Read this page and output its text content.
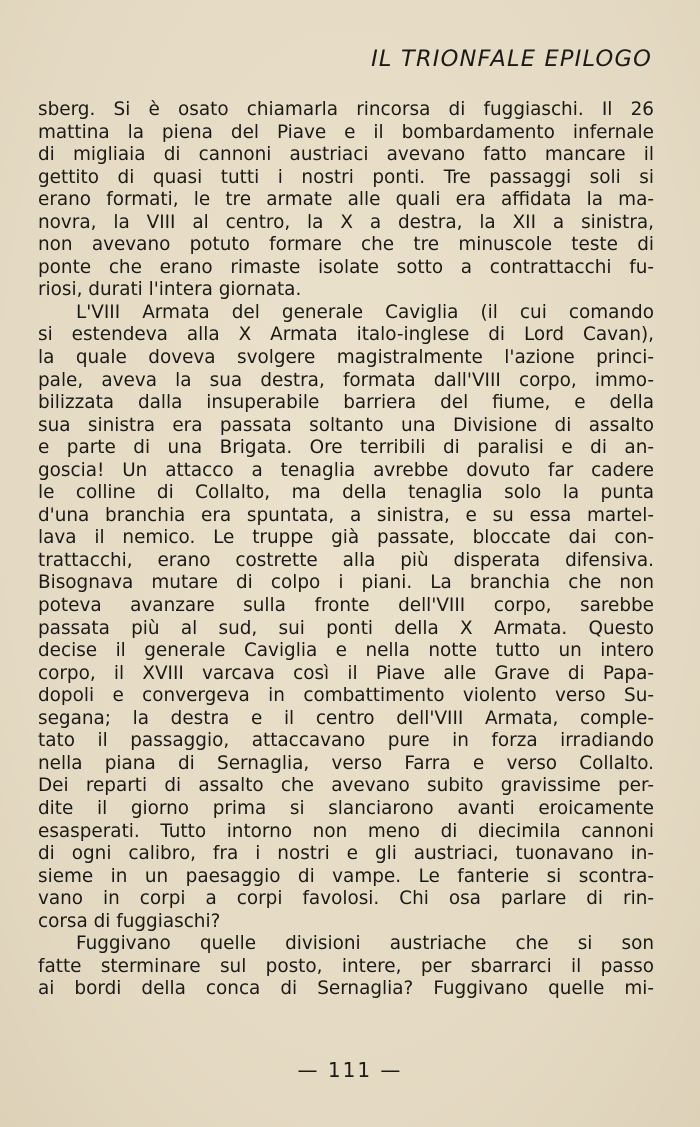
IL TRIONFALE EPILOGO
sberg. Si è osato chiamarla rincorsa di fuggiaschi. Il 26
mattina la piena del Piave e il bombardamento infernale
di migliaia di cannoni austriaci avevano fatto mancare il
gettito di quasi tutti i nostri ponti. Tre passaggi soli si
erano formati, le tre armate alle quali era affidata la ma-
novra, la VIII al centro, la X a destra, la XII a sinistra,
non avevano potuto formare che tre minuscole teste di
ponte che erano rimaste isolate sotto a contrattacchi fu-
riosi, durati l'intera giornata.
L'VIII Armata del generale Caviglia (il cui comando
si estendeva alla X Armata italo-inglese di Lord Cavan),
la quale doveva svolgere magistralmente l'azione princi-
pale, aveva la sua destra, formata dall'VIII corpo, immo-
bilizzata dalla insuperabile barriera del fiume, e della
sua sinistra era passata soltanto una Divisione di assalto
e parte di una Brigata. Ore terribili di paralisi e di an-
goscia! Un attacco a tenaglia avrebbe dovuto far cadere
le colline di Collalto, ma della tenaglia solo la punta
d'una branchia era spuntata, a sinistra, e su essa martel-
lava il nemico. Le truppe già passate, bloccate dai con-
trattacchi, erano costrette alla più disperata difensiva.
Bisognava mutare di colpo i piani. La branchia che non
poteva avanzare sulla fronte dell'VIII corpo, sarebbe
passata più al sud, sui ponti della X Armata. Questo
decise il generale Caviglia e nella notte tutto un intero
corpo, il XVIII varcava così il Piave alle Grave di Papa-
dopoli e convergeva in combattimento violento verso Su-
segana; la destra e il centro dell'VIII Armata, comple-
tato il passaggio, attaccavano pure in forza irradiando
nella piana di Sernaglia, verso Farra e verso Collalto.
Dei reparti di assalto che avevano subito gravissime per-
dite il giorno prima si slanciarono avanti eroicamente
esasperati. Tutto intorno non meno di diecimila cannoni
di ogni calibro, fra i nostri e gli austriaci, tuonavano in-
sieme in un paesaggio di vampe. Le fanterie si scontra-
vano in corpi a corpi favolosi. Chi osa parlare di rin-
corsa di fuggiaschi?
Fuggivano quelle divisioni austriache che si son
fatte sterminare sul posto, intere, per sbarrarci il passo
ai bordi della conca di Sernaglia? Fuggivano quelle mi-
— 111 —
